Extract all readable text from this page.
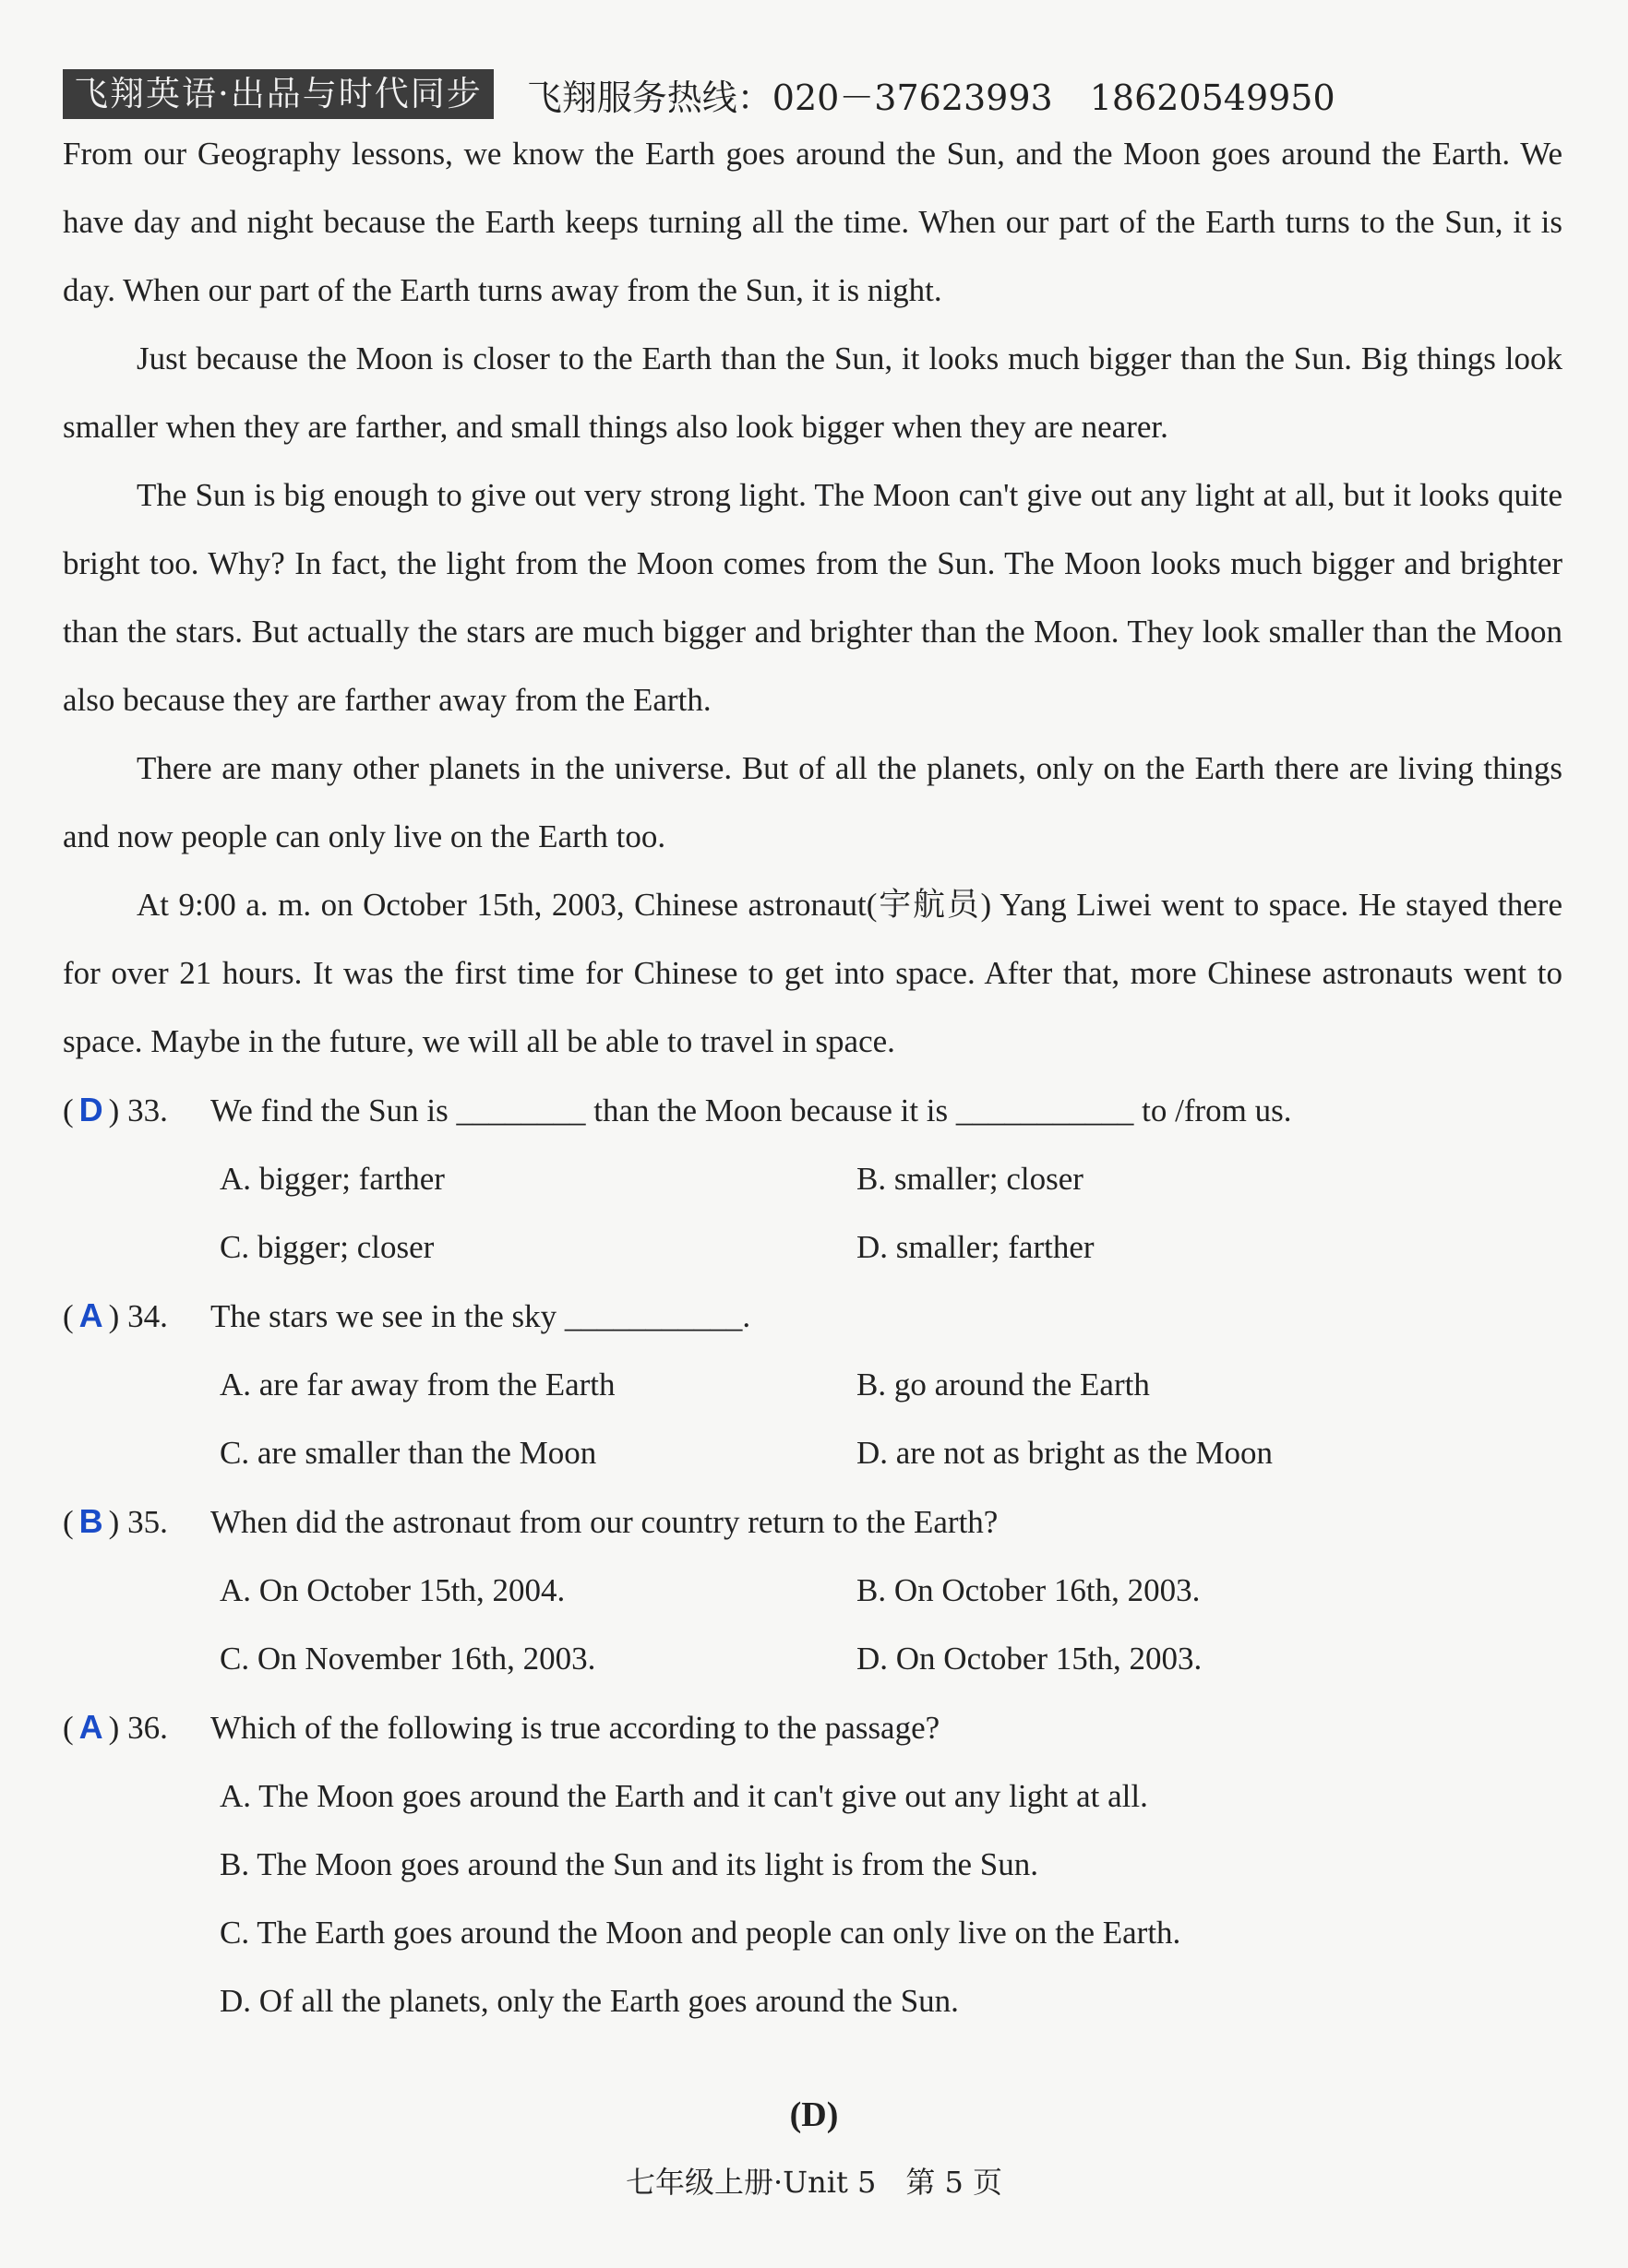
飞翔英语·出品与时代同步	飞翔服务热线：020－37623993 18620549950

From our Geography lessons, we know the Earth goes around the Sun, and the Moon goes around the Earth. We have day and night because the Earth keeps turning all the time. When our part of the Earth turns to the Sun, it is day. When our part of the Earth turns away from the Sun, it is night.

Just because the Moon is closer to the Earth than the Sun, it looks much bigger than the Sun. Big things look smaller when they are farther, and small things also look bigger when they are nearer.

The Sun is big enough to give out very strong light. The Moon can't give out any light at all, but it looks quite bright too. Why? In fact, the light from the Moon comes from the Sun. The Moon looks much bigger and brighter than the stars. But actually the stars are much bigger and brighter than the Moon. They look smaller than the Moon also because they are farther away from the Earth.

There are many other planets in the universe. But of all the planets, only on the Earth there are living things and now people can only live on the Earth too.

At 9:00 a. m. on October 15th, 2003, Chinese astronaut(宇航员) Yang Liwei went to space. He stayed there for over 21 hours. It was the first time for Chinese to get into space. After that, more Chinese astronauts went to space. Maybe in the future, we will all be able to travel in space.

( D ) 33.	We find the Sun is ________ than the Moon because it is ___________ to /from us.
A. bigger; farther	B. smaller; closer
C. bigger; closer	D. smaller; farther
( A ) 34.	The stars we see in the sky ___________.
A. are far away from the Earth	B. go around the Earth
C. are smaller than the Moon	D. are not as bright as the Moon
( B ) 35.	When did the astronaut from our country return to the Earth?
A. On October 15th, 2004.	B. On October 16th, 2003.
C. On November 16th, 2003.	D. On October 15th, 2003.
( A ) 36.	Which of the following is true according to the passage?
A. The Moon goes around the Earth and it can't give out any light at all.
B. The Moon goes around the Sun and its light is from the Sun.
C. The Earth goes around the Moon and people can only live on the Earth.
D. Of all the planets, only the Earth goes around the Sun.
(D)
七年级上册·Unit 5　第 5 页
